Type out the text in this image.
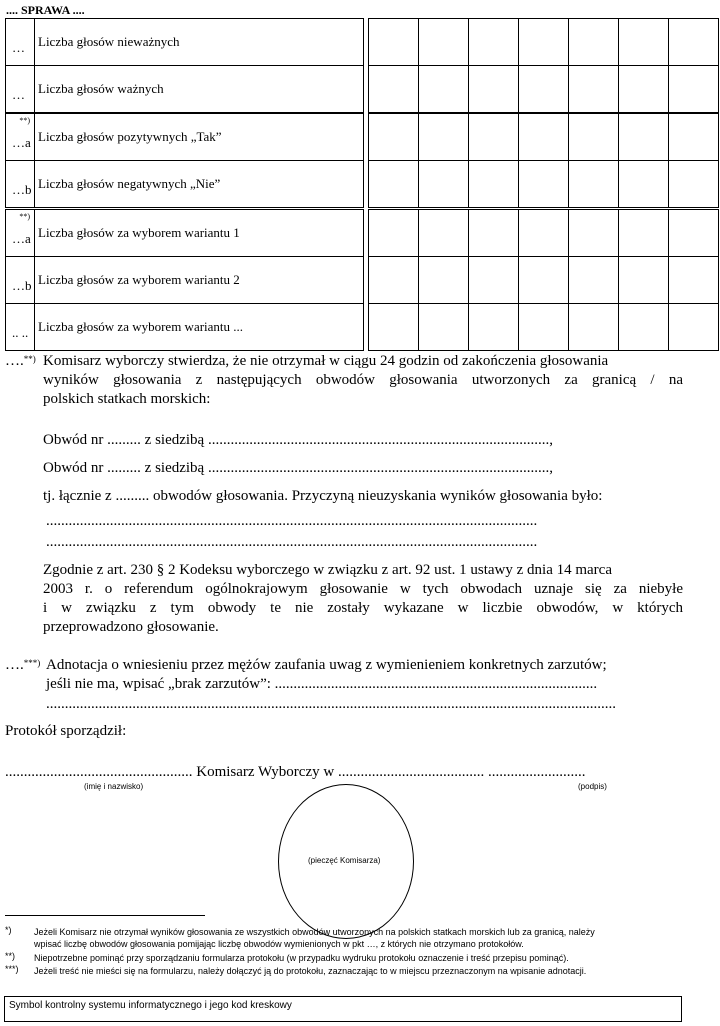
.... SPRAWA ....
…	Liczba głosów nieważnych								

…	Liczba głosów ważnych								
**)
…a	Liczba głosów pozytywnych „Tak”								

…b	Liczba głosów negatywnych „Nie”								
**)
…a	Liczba głosów za wyborem wariantu 1								

…b	Liczba głosów za wyborem wariantu 2								

.. ..	Liczba głosów za wyborem wariantu ...								
….**) Komisarz wyborczy stwierdza, że nie otrzymał w ciągu 24 godzin od zakończenia głosowania
wyników głosowania z następujących obwodów głosowania utworzonych za granicą / na
polskich statkach morskich:
Obwód nr ......... z siedzibą ...........................................................................................,
Obwód nr ......... z siedzibą ...........................................................................................,
tj. łącznie z ......... obwodów głosowania. Przyczyną nieuzyskania wyników głosowania było:
...................................................................................................................................
...................................................................................................................................
Zgodnie z art. 230 § 2 Kodeksu wyborczego w związku z art. 92 ust. 1 ustawy z dnia 14 marca
2003 r. o referendum ogólnokrajowym głosowanie w tych obwodach uznaje się za niebyłe
i w związku z tym obwody te nie zostały wykazane w liczbie obwodów, w których
przeprowadzono głosowanie.
….***) Adnotacja o wniesieniu przez mężów zaufania uwag z wymienieniem konkretnych zarzutów;
jeśli nie ma, wpisać „brak zarzutów”: ......................................................................................
........................................................................................................................................................
Protokół sporządził:
.................................................. Komisarz Wyborczy w ....................................... ..........................
(imię i nazwisko)	(podpis)
(pieczęć Komisarza)
*)	Jeżeli Komisarz nie otrzymał wyników głosowania ze wszystkich obwodów utworzonych na polskich statkach morskich lub za granicą, należy
wpisać liczbę obwodów głosowania pomijając liczbę obwodów wymienionych w pkt …, z których nie otrzymano protokołów.
**) Niepotrzebne pominąć przy sporządzaniu formularza protokołu (w przypadku wydruku protokołu oznaczenie i treść przepisu pominąć).
***) Jeżeli treść nie mieści się na formularzu, należy dołączyć ją do protokołu, zaznaczając to w miejscu przeznaczonym na wpisanie adnotacji.
Symbol kontrolny systemu informatycznego i jego kod kreskowy
